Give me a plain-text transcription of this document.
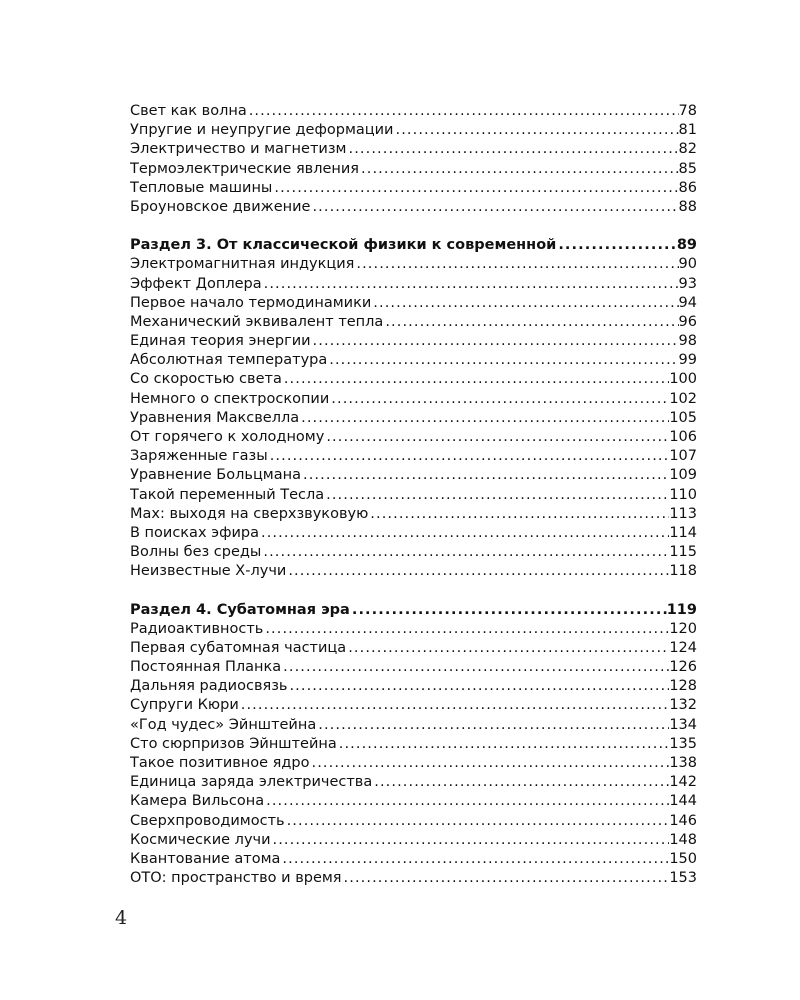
Свет как волна .....	78
Упругие и неупругие деформации .....	81
Электричество и магнетизм .....	82
Термоэлектрические явления .....	85
Тепловые машины .....	86
Броуновское движение .....	88
Раздел 3. От классической физики к современной .....	89
Электромагнитная индукция .....	90
Эффект Доплера .....	93
Первое начало термодинамики .....	94
Механический эквивалент тепла .....	96
Единая теория энергии .....	98
Абсолютная температура .....	99
Со скоростью света .....	100
Немного о спектроскопии .....	102
Уравнения Максвелла .....	105
От горячего к холодному .....	106
Заряженные газы .....	107
Уравнение Больцмана .....	109
Такой переменный Тесла .....	110
Мах: выходя на сверхзвуковую .....	113
В поисках эфира .....	114
Волны без среды .....	115
Неизвестные Х-лучи .....	118
Раздел 4. Субатомная эра .....	119
Радиоактивность .....	120
Первая субатомная частица .....	124
Постоянная Планка .....	126
Дальняя радиосвязь .....	128
Супруги Кюри .....	132
«Год чудес» Эйнштейна .....	134
Сто сюрпризов Эйнштейна .....	135
Такое позитивное ядро .....	138
Единица заряда электричества .....	142
Камера Вильсона .....	144
Сверхпроводимость .....	146
Космические лучи .....	148
Квантование атома .....	150
ОТО: пространство и время .....	153
4
